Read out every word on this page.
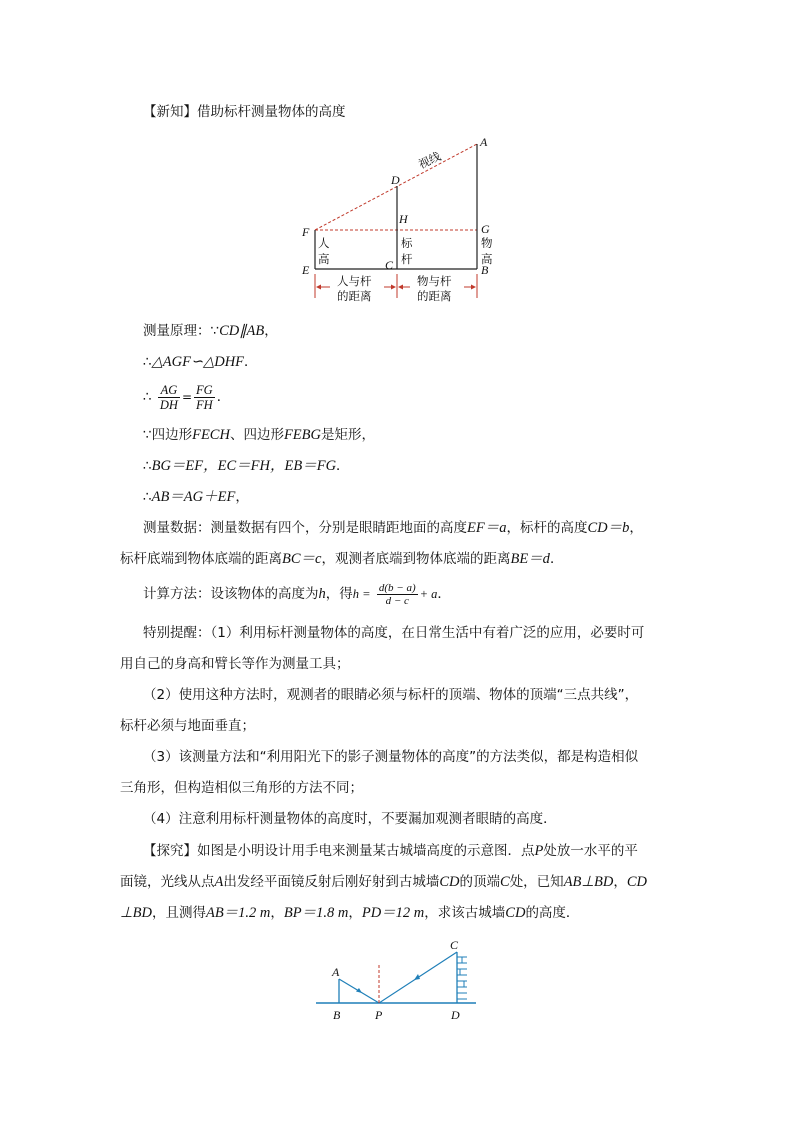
【新知】借助标杆测量物体的高度
A
D
H
G
F
E	C	B
视线
人
高
标
杆
物
高
人与杆
的距离
物与杆
的距离
测量原理：∵CD∥AB，
∴△AGF∽△DHF．
∴ $\frac{AG}{DH} = \frac{FG}{FH}$ ．
∵四边形FECH、四边形FEBG是矩形，
∴BG＝EF，EC＝FH，EB＝FG．
∴AB＝AG＋EF，
测量数据：测量数据有四个，分别是眼睛距地面的高度EF＝a，标杆的高度CD＝b，
标杆底端到物体底端的距离BC＝c，观测者底端到物体底端的距离BE＝d．
计算方法：设该物体的高度为h，得$h = \frac{d(b - a)}{d - c} + a$．
特别提醒：（1）利用标杆测量物体的高度，在日常生活中有着广泛的应用，必要时可
用自己的身高和臂长等作为测量工具；
（2）使用这种方法时，观测者的眼睛必须与标杆的顶端、物体的顶端“三点共线”，
标杆必须与地面垂直；
（3）该测量方法和“利用阳光下的影子测量物体的高度”的方法类似，都是构造相似
三角形，但构造相似三角形的方法不同；
（4）注意利用标杆测量物体的高度时，不要漏加观测者眼睛的高度．
【探究】如图是小明设计用手电来测量某古城墙高度的示意图．点P处放一水平的平
面镜，光线从点A出发经平面镜反射后刚好射到古城墙CD的顶端C处，已知AB⊥BD，CD
⊥BD，且测得AB＝1.2 m，BP＝1.8 m，PD＝12 m，求该古城墙CD的高度．
A
B	P
C
D
